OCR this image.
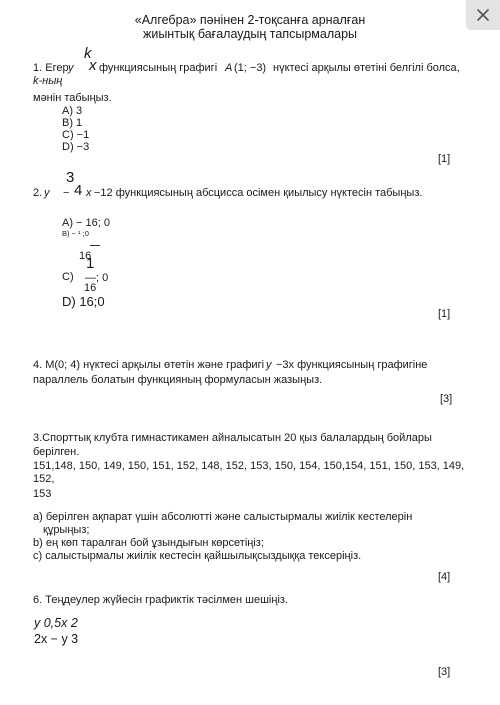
«Алгебра» пәнінен 2-тоқсанға арналған
жиынтық бағалаудың тапсырмалары
k
1. Егер y x функциясының графигі A (1; −3) нүктесі арқылы өтетіні белгілі болса,
k-ның
мәнін табыңыз.
A) 3
B) 1
C) −1
D) −3
[1]
3
2. y − 4 x −12 функциясының абсцисса осімен қиылысу нүктесін табыңыз.
A) − 16; 0
B) − ¹ ;0
16
1
C) —; 0
16
D) 16;0
[1]
4. М(0; 4) нүктесі арқылы өтетін және графигі y −3x функциясының графигіне
параллель болатын функцияның формуласын жазыңыз.
[3]
3.Спорттық клубта гимнастикамен айналысатын 20 қыз балалардың бойлары
берілген.
151,148, 150, 149, 150, 151, 152, 148, 152, 153, 150, 154, 150,154, 151, 150, 153, 149,
152,
153
a) берілген ақпарат үшін абсолютті және салыстырмалы жиілік кестелерін
құрыңыз;
b) ең көп таралған бой ұзындығын көрсетіңіз;
c) салыстырмалы жиілік кестесін қайшылықсыздыққа тексеріңіз.
[4]
6. Теңдеулер жүйесін графиктік тәсілмен шешіңіз.
y 0,5x 2
2x − y 3
[3]
